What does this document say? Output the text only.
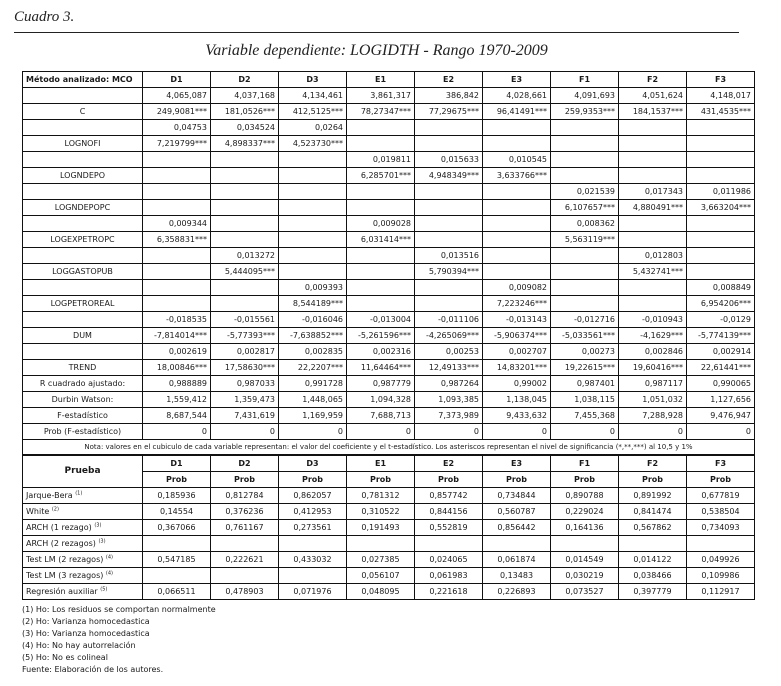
Cuadro 3.
Variable dependiente: LOGIDTH - Rango 1970-2009
Método analizado: MCO	D1	D2	D3	E1	E2	E3	F1	F2	F3
	4,065,087	4,037,168	4,134,461	3,861,317	386,842	4,028,661	4,091,693	4,051,624	4,148,017
C	249,9081***	181,0526***	412,5125***	78,27347***	77,29675***	96,41491***	259,9353***	184,1537***	431,4535***
	0,04753	0,034524	0,0264						
LOGNOFI	7,219799***	4,898337***	4,523730***						
				0,019811	0,015633	0,010545			
LOGNDEPO				6,285701***	4,948349***	3,633766***			
							0,021539	0,017343	0,011986
LOGNDEPOPC							6,107657***	4,880491***	3,663204***
	0,009344			0,009028			0,008362		
LOGEXPETROPC	6,358831***			6,031414***			5,563119***		
		0,013272			0,013516			0,012803	
LOGGASTOPUB		5,444095***			5,790394***			5,432741***	
			0,009393			0,009082			0,008849
LOGPETROREAL			8,544189***			7,223246***			6,954206***
	-0,018535	-0,015561	-0,016046	-0,013004	-0,011106	-0,013143	-0,012716	-0,010943	-0,0129
DUM	-7,814014***	-5,77393***	-7,638852***	-5,261596***	-4,265069***	-5,906374***	-5,033561***	-4,1629***	-5,774139***
	0,002619	0,002817	0,002835	0,002316	0,00253	0,002707	0,00273	0,002846	0,002914
TREND	18,00846***	17,58630***	22,2207***	11,64464***	12,49133***	14,83201***	19,22615***	19,60416***	22,61441***
R cuadrado ajustado:	0,988889	0,987033	0,991728	0,987779	0,987264	0,99002	0,987401	0,987117	0,990065
Durbin Watson:	1,559,412	1,359,473	1,448,065	1,094,328	1,093,385	1,138,045	1,038,115	1,051,032	1,127,656
F-estadístico	8,687,544	7,431,619	1,169,959	7,688,713	7,373,989	9,433,632	7,455,368	7,288,928	9,476,947
Prob (F-estadístico)	0	0	0	0	0	0	0	0	0
Nota: valores en el cubiculo de cada variable representan: el valor del coeficiente y el t-estadístico. Los asteriscos representan el nivel de significancia (*,**,***) al 10,5 y 1%									
Prueba	D1	D2	D3	E1	E2	E3	F1	F2	F3
	Prob	Prob	Prob	Prob	Prob	Prob	Prob	Prob	Prob
Jarque-Bera $^{(1)}$	0,185936	0,812784	0,862057	0,781312	0,857742	0,734844	0,890788	0,891992	0,677819
White $^{(2)}$	0,14554	0,376236	0,412953	0,310522	0,844156	0,560787	0,229024	0,841474	0,538504
ARCH (1 rezago) $^{(3)}$	0,367066	0,761167	0,273561	0,191493	0,552819	0,856442	0,164136	0,567862	0,734093
ARCH (2 rezagos) $^{(3)}$									
Test LM (2 rezagos) $^{(4)}$	0,547185	0,222621	0,433032	0,027385	0,024065	0,061874	0,014549	0,014122	0,049926
Test LM (3 rezagos) $^{(4)}$				0,056107	0,061983	0,13483	0,030219	0,038466	0,109986
Regresión auxiliar $^{(5)}$	0,066511	0,478903	0,071976	0,048095	0,221618	0,226893	0,073527	0,397779	0,112917
(1) Ho: Los residuos se comportan normalmente
(2) Ho: Varianza homocedastica
(3) Ho: Varianza homocedastica
(4) Ho: No hay autorrelación
(5) Ho: No es colineal
Fuente: Elaboración de los autores.
